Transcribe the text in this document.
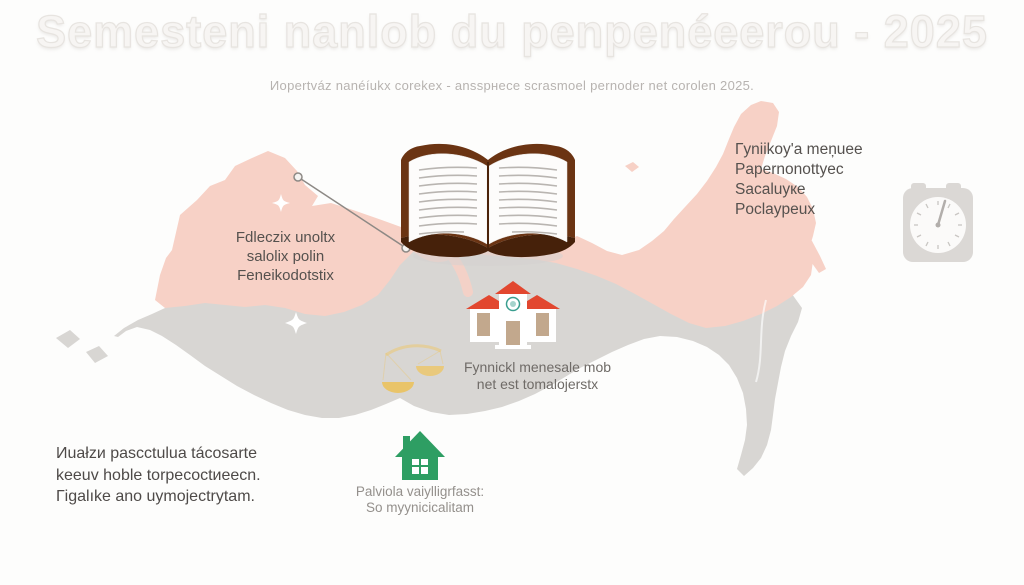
Semesteni nanlob du penpenéeerou - 2025

Иopertváz nanéíukx corekex - ansspнece scrasmoel pernoder net corolen 2025.

Fdleczix unoltx
salolix polin
Feneikodotstix
Гyniikoy'a meņuee
Papernonottyec
Sacaluyкe
Poclaypeux
Fynnickl menesale mob
net est tomalojerstx
Иuałzи pascctulua tácosarte
keeuv hoble torpecoctиeecn.
Гigalıke ano uymojectrytam.	Palviola vaiylligrfasst:
So myynicicalitam
